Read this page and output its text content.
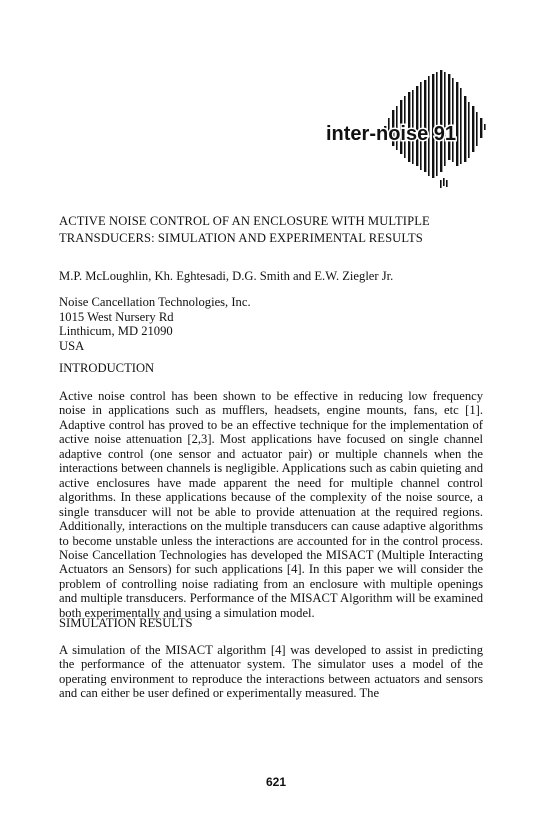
inter-noise 91
ACTIVE NOISE CONTROL OF AN ENCLOSURE WITH MULTIPLE
TRANSDUCERS: SIMULATION AND EXPERIMENTAL RESULTS
M.P. McLoughlin, Kh. Eghtesadi, D.G. Smith and E.W. Ziegler Jr.
Noise Cancellation Technologies, Inc.
1015 West Nursery Rd
Linthicum, MD 21090
USA
INTRODUCTION
Active noise control has been shown to be effective in reducing low frequency noise in applications such as mufflers, headsets, engine mounts, fans, etc [1]. Adaptive control has proved to be an effective technique for the implementation of active noise attenuation [2,3]. Most applications have focused on single channel adaptive control (one sensor and actuator pair) or multiple channels when the interactions between channels is negligible. Applications such as cabin quieting and active enclosures have made apparent the need for multiple channel control algorithms. In these applications because of the complexity of the noise source, a single transducer will not be able to provide attenuation at the required regions. Additionally, interactions on the multiple transducers can cause adaptive algorithms to become unstable unless the interactions are accounted for in the control process. Noise Cancellation Technologies has developed the MISACT (Multiple Interacting Actuators an Sensors) for such applications [4]. In this paper we will consider the problem of controlling noise radiating from an enclosure with multiple openings and multiple transducers. Performance of the MISACT Algorithm will be examined both experimentally and using a simulation model.
SIMULATION RESULTS
A simulation of the MISACT algorithm [4] was developed to assist in predicting the performance of the attenuator system. The simulator uses a model of the operating environment to reproduce the interactions between actuators and sensors and can either be user defined or experimentally measured. The
621
